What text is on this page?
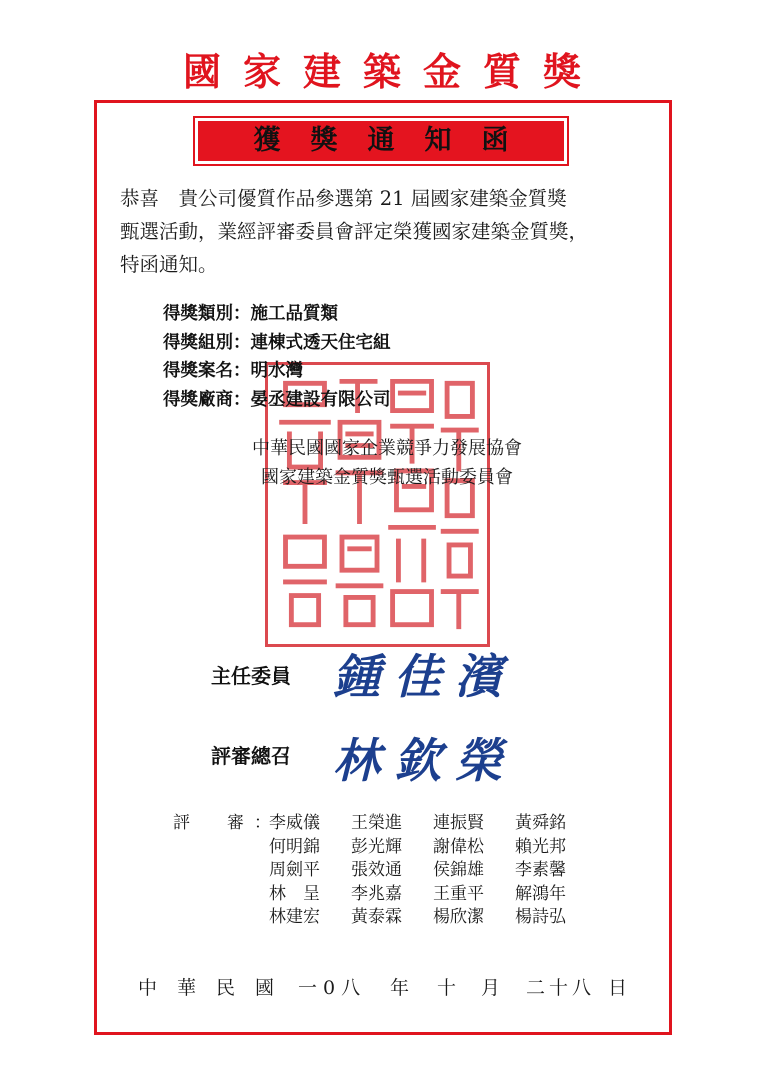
國家建築金質獎
獲獎通知函
恭喜　貴公司優質作品參選第 21 屆國家建築金質獎
甄選活動，業經評審委員會評定榮獲國家建築金質獎，
特函通知。
得獎類別：施工品質類
得獎組別：連棟式透天住宅組
得獎案名：明水灣
得獎廠商：晏丞建設有限公司
中華民國國家企業競爭力發展協會
國家建築金質獎甄選活動委員會
主任委員 鍾佳濱
評審總召 林欽榮
評　審：
李威儀	王榮進	連振賢	黃舜銘
何明錦	彭光輝	謝偉松	賴光邦
周劍平	張效通	侯錦雄	李素馨
林　呈	李兆嘉	王重平	解鴻年
林建宏	黃泰霖	楊欣潔	楊詩弘
中華民國 一0八 年 十 月 二十八 日
